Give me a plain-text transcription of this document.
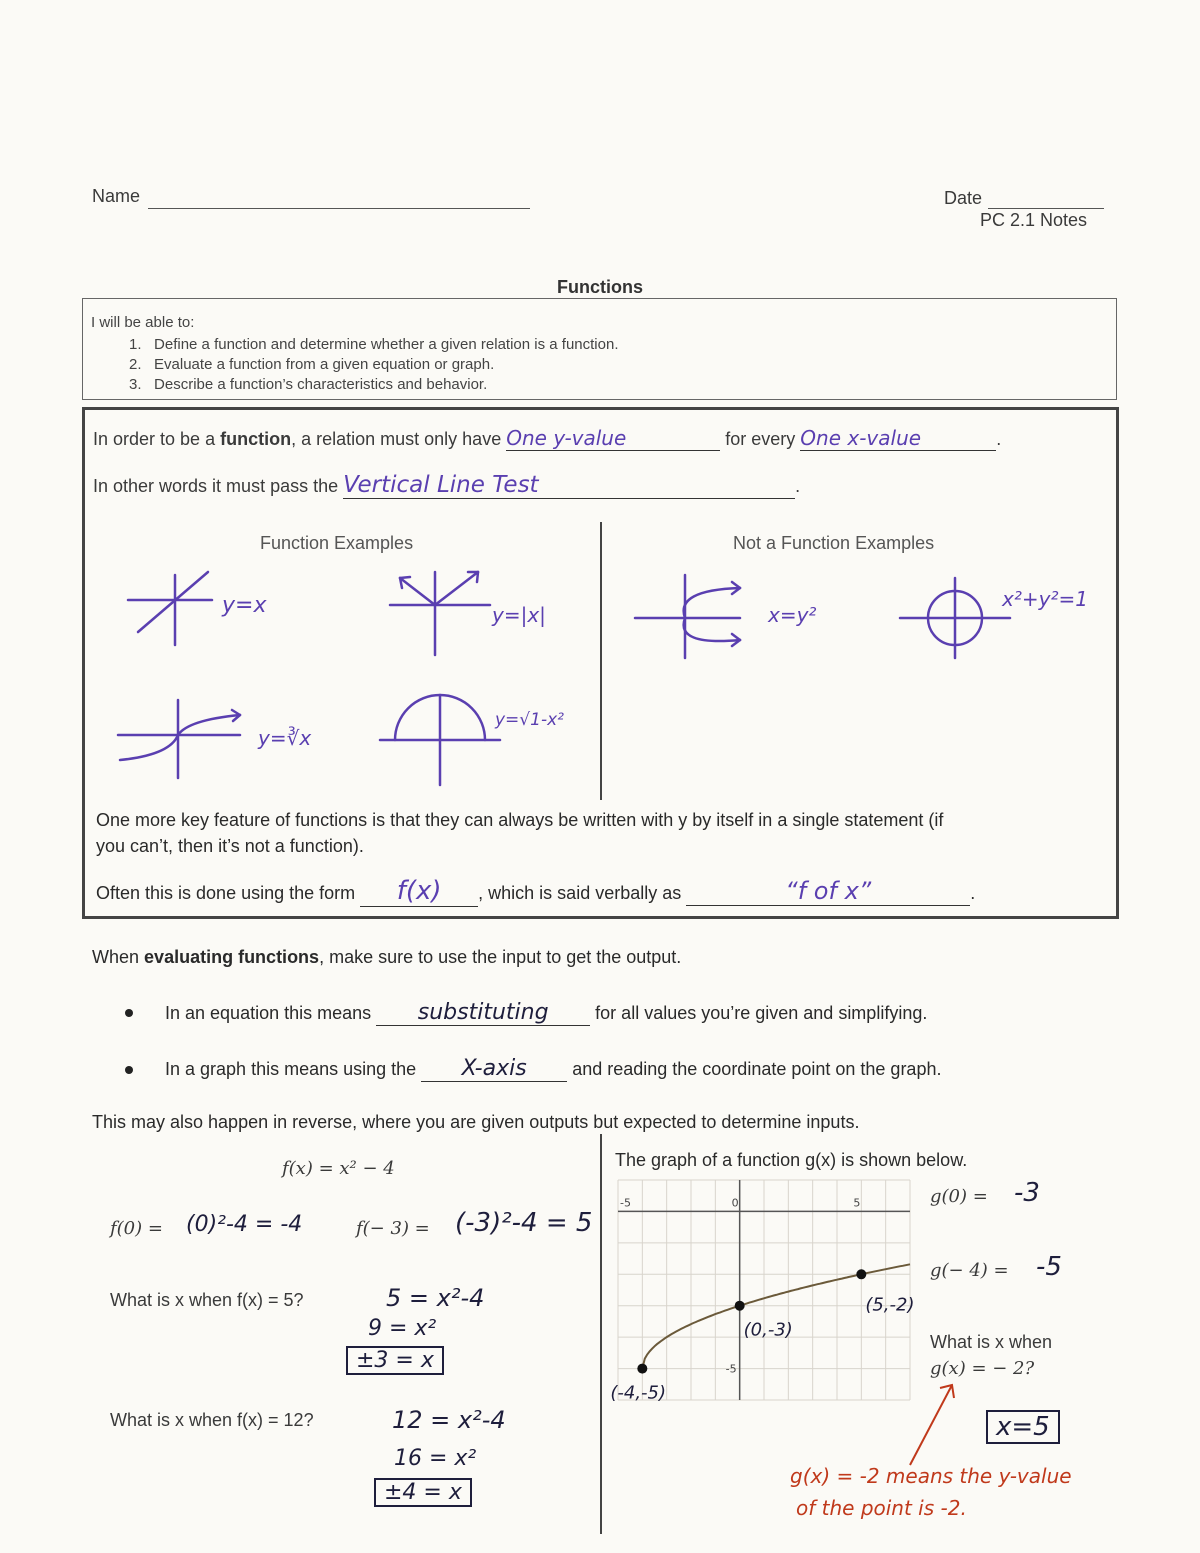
Name	Date
PC 2.1 Notes
Functions
I will be able to:
1. Define a function and determine whether a given relation is a function.
2. Evaluate a function from a given equation or graph.
3. Describe a function’s characteristics and behavior.
In order to be a function, a relation must only have One y-value	for every One x-value	.
In other words it must pass the Vertical Line Test	.
Function Examples	Not a Function Examples
y=x	y=|x|	x=y²
x²+y²=1
y=∛x
y=√1-x²
One more key feature of functions is that they can always be written with y by itself in a single statement (if
you can’t, then it’s not a function).
Often this is done using the form f(x) , which is said verbally as	“f of x”	.
When evaluating functions, make sure to use the input to get the output.
In an equation this means substituting	for all values you’re given and simplifying.
In a graph this means using the X-axis	and reading the coordinate point on the graph.
This may also happen in reverse, where you are given outputs but expected to determine inputs.
f(x) = x² − 4
f(0) = (0)²-4 = -4	f(− 3) = (-3)²-4 = 5
What is x when f(x) = 5?	5 = x²-4
9 = x²
±3 = x
What is x when f(x) = 12?	12 = x²-4
16 = x²
±4 = x
The graph of a function g(x) is shown below.
g(0) = -3
g(− 4) = -5
What is x when
g(x) = − 2?
x=5
g(x) = -2 means the y-value
of the point is -2.
(-4,-5)
(0,-3)
(5,-2)
-5	0	5
-5
